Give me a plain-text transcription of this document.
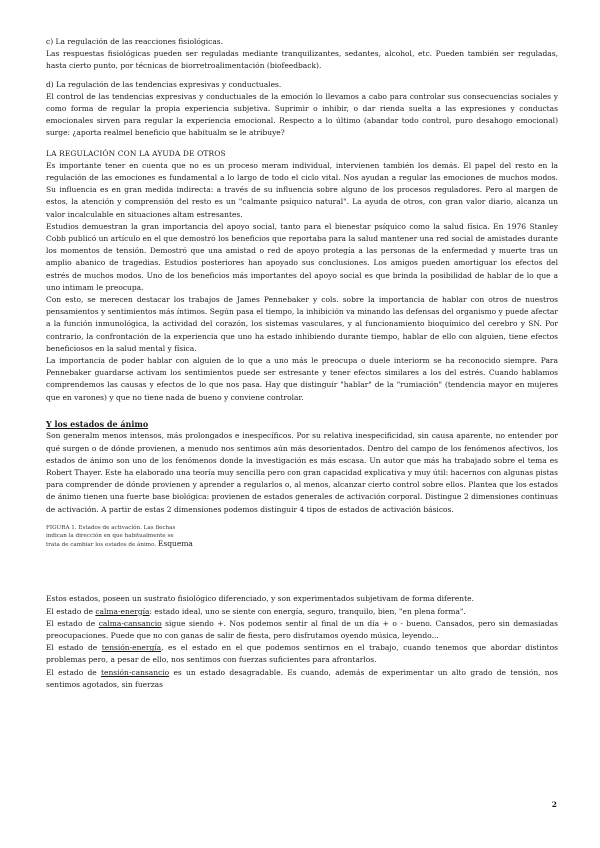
c) La regulación de las reacciones fisiológicas.

Las respuestas fisiológicas pueden ser reguladas mediante tranquilizantes, sedantes, alcohol, etc. Pueden también ser reguladas, hasta cierto punto, por técnicas de biorretroalimentación (biofeedback).

d) La regulación de las tendencias expresivas y conductuales.

El control de las tendencias expresivas y conductuales de la emoción lo llevamos a cabo para controlar sus consecuencias sociales y como forma de regular la propia experiencia subjetiva. Suprimir o inhibir, o dar rienda suelta a las expresiones y conductas emocionales sirven para regular la experiencia emocional. Respecto a lo último (abandar todo control, puro desahogo emocional) surge: ¿aporta realmel beneficio que habitualm se le atribuye?

LA REGULACIÓN CON LA AYUDA DE OTROS

Es importante tener en cuenta que no es un proceso meram individual, intervienen también los demás. El papel del resto en la regulación de las emociones es fundamental a lo largo de todo el ciclo vital. Nos ayudan a regular las emociones de muchos modos. Su influencia es en gran medida indirecta: a través de su influencia sobre alguno de los procesos reguladores. Pero al margen de estos, la atención y comprensión del resto es un "calmante psíquico natural". La ayuda de otros, con gran valor diario, alcanza un valor incalculable en situaciones altam estresantes.

Estudios demuestran la gran importancia del apoyo social, tanto para el bienestar psíquico como la salud física. En 1976 Stanley Cobb publicó un artículo en el que demostró los beneficios que reportaba para la salud mantener una red social de amistades durante los momentos de tensión. Demostró que una amistad o red de apoyo protegía a las personas de la enfermedad y muerte tras un amplio abanico de tragedias. Estudios posteriores han apoyado sus conclusiones. Los amigos pueden amortiguar los efectos del estrés de muchos modos. Uno de los beneficios más importantes del apoyo social es que brinda la posibilidad de hablar de lo que a uno intimam le preocupa.

Con esto, se merecen destacar los trabajos de James Pennebaker y cols. sobre la importancia de hablar con otros de nuestros pensamientos y sentimientos más íntimos. Según pasa el tiempo, la inhibición va minando las defensas del organismo y puede afectar a la función inmunológica, la actividad del corazón, los sistemas vasculares, y al funcionamiento bioquímico del cerebro y SN. Por contrario, la confrontación de la experiencia que uno ha estado inhibiendo durante tiempo, hablar de ello con alguien, tiene efectos beneficiosos en la salud mental y física.

La importancia de poder hablar con alguien de lo que a uno más le preocupa o duele interiorm se ha reconocido siempre. Para Pennebaker guardarse activam los sentimientos puede ser estresante y tener efectos similares a los del estrés. Cuando hablamos comprendemos las causas y efectos de lo que nos pasa. Hay que distinguir "hablar" de la "rumiación" (tendencia mayor en mujeres que en varones) y que no tiene nada de bueno y conviene controlar.

Y los estados de ánimo

Son generalm menos intensos, más prolongados e inespecíficos. Por su relativa inespecificidad, sin causa aparente, no entender por qué surgen o de dónde provienen, a menudo nos sentimos aún más desorientados. Dentro del campo de los fenómenos afectivos, los estados de ánimo son uno de los fenómenos donde la investigación es más escasa. Un autor que más ha trabajado sobre el tema es Robert Thayer. Este ha elaborado una teoría muy sencilla pero con gran capacidad explicativa y muy útil: hacernos con algunas pistas para comprender de dónde provienen y aprender a regularlos o, al menos, alcanzar cierto control sobre ellos. Plantea que los estados de ánimo tienen una fuerte base biológica: provienen de estados generales de activación corporal. Distingue 2 dimensiones continuas de activación. A partir de estas 2 dimensiones podemos distinguir 4 tipos de estados de activación básicos.

FIGURA 1. Estados de activación. Las flechas
indican la dirección en que habitualmente se
trata de cambiar los estados de ánimo. Esquema

Estos estados, poseen un sustrato fisiológico diferenciado, y son experimentados subjetivam de forma diferente.

El estado de calma-energía: estado ideal, uno se siente con energía, seguro, tranquilo, bien, "en plena forma".

El estado de calma-cansancio sigue siendo +. Nos podemos sentir al final de un día + o - bueno. Cansados, pero sin demasiadas preocupaciones. Puede que no con ganas de salir de fiesta, pero disfrutamos oyendo música, leyendo...

El estado de tensión-energía, es el estado en el que podemos sentirnos en el trabajo, cuando tenemos que abordar distintos problemas pero, a pesar de ello, nos sentimos con fuerzas suficientes para afrontarlos.

El estado de tensión-cansancio es un estado desagradable. Es cuando, además de experimentar un alto grado de tensión, nos sentimos agotados, sin fuerzas

2
